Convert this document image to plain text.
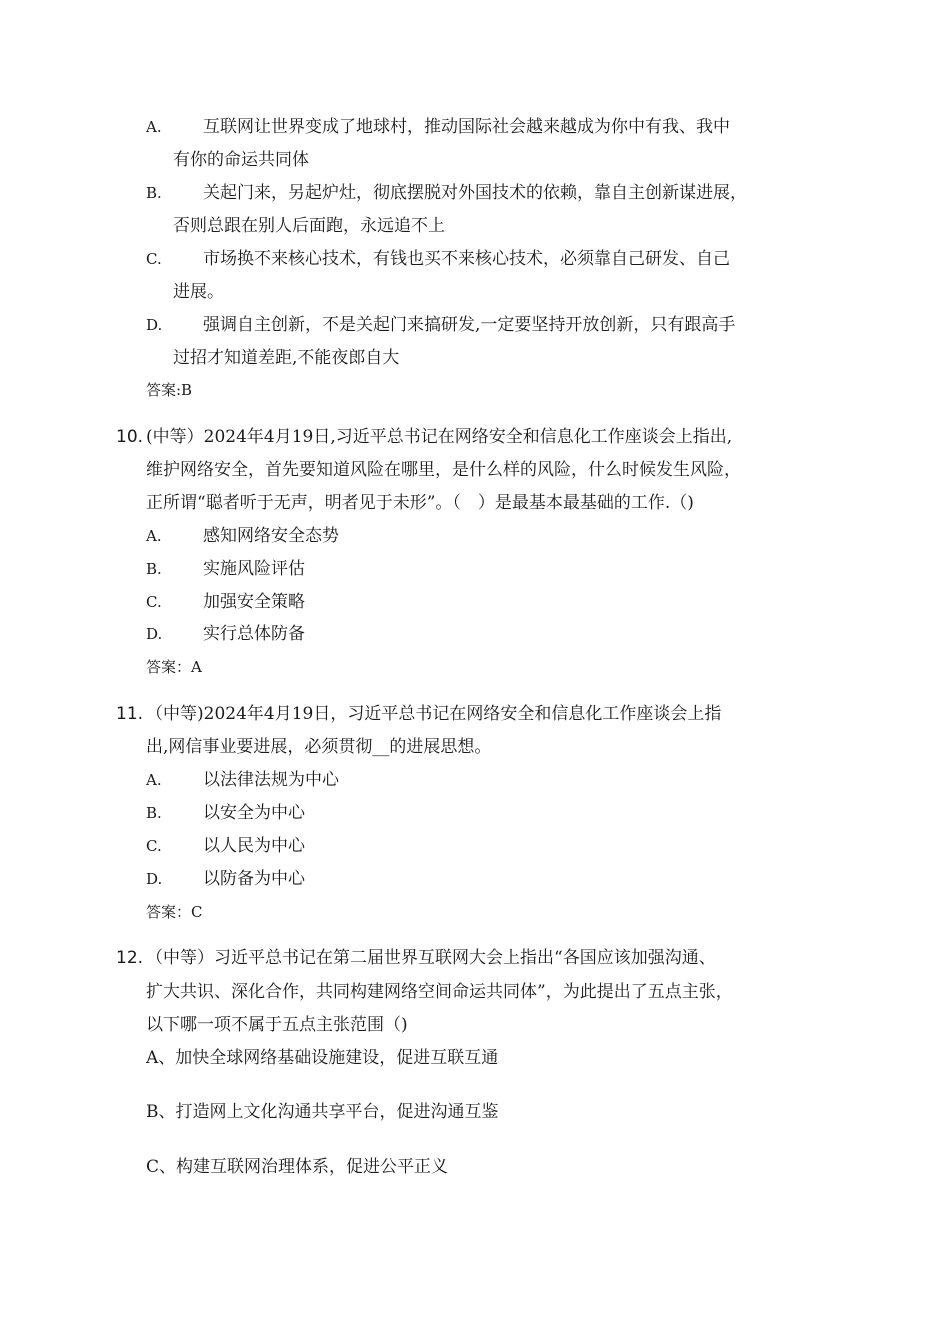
A. 互联网让世界变成了地球村，推动国际社会越来越成为你中有我、我中
有你的命运共同体
B. 关起门来，另起炉灶，彻底摆脱对外国技术的依赖，靠自主创新谋进展，
否则总跟在别人后面跑，永远追不上
C. 市场换不来核心技术，有钱也买不来核心技术，必须靠自己研发、自己
进展。
D. 强调自主创新，不是关起门来搞研发,一定要坚持开放创新，只有跟高手
过招才知道差距,不能夜郎自大
答案:B
10. (中等）2024年4月19日,习近平总书记在网络安全和信息化工作座谈会上指出,
维护网络安全，首先要知道风险在哪里，是什么样的风险，什么时候发生风险，
正所谓“聪者听于无声，明者见于未形”。（　）是最基本最基础的工作.（)
A. 感知网络安全态势
B. 实施风险评估
C. 加强安全策略
D. 实行总体防备
答案：A
11. （中等)2024年4月19日，习近平总书记在网络安全和信息化工作座谈会上指
出,网信事业要进展，必须贯彻__的进展思想。
A. 以法律法规为中心
B. 以安全为中心
C. 以人民为中心
D. 以防备为中心
答案：C
12. （中等）习近平总书记在第二届世界互联网大会上指出“各国应该加强沟通、
扩大共识、深化合作，共同构建网络空间命运共同体”，为此提出了五点主张，
以下哪一项不属于五点主张范围（)
A、加快全球网络基础设施建设，促进互联互通
B、打造网上文化沟通共享平台，促进沟通互鉴
C、构建互联网治理体系，促进公平正义
